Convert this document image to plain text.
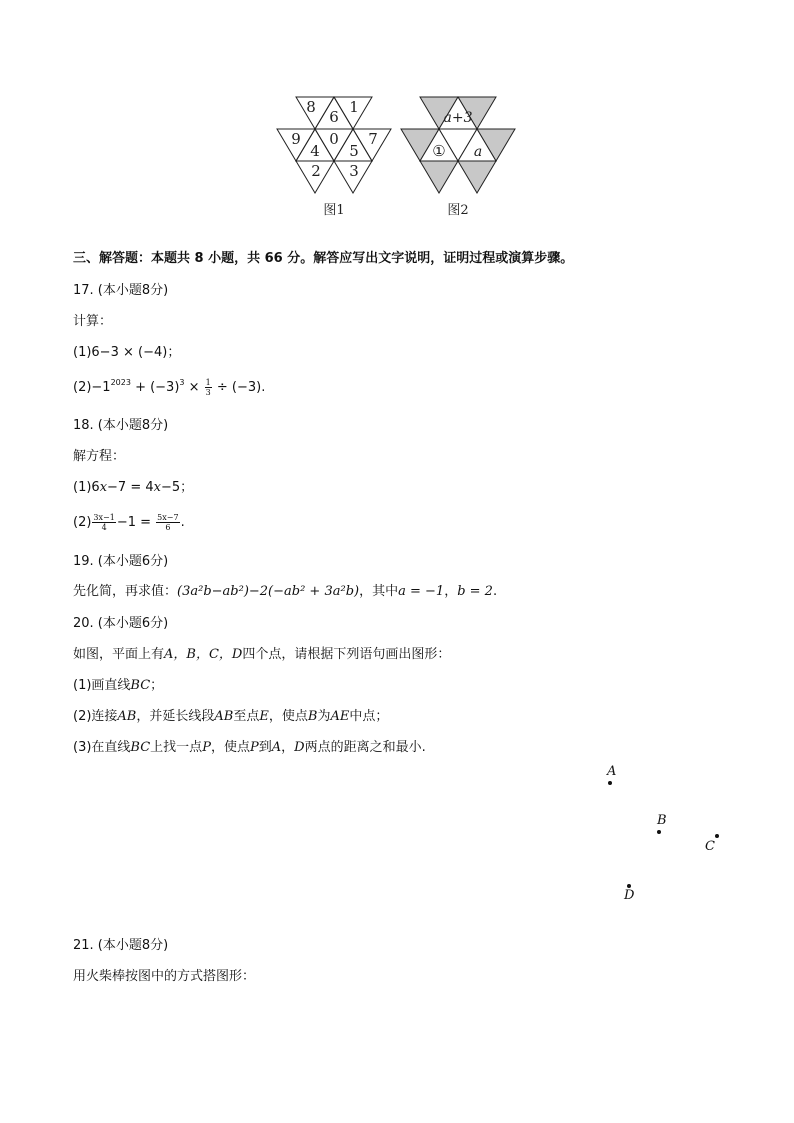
8 1
6
9 0 7
4 5
2 3
图1
a+3
① a
图2
三、解答题：本题共 8 小题，共 66 分。解答应写出文字说明，证明过程或演算步骤。
17. (本小题8分)
计算：
(1)6−3 × (−4)；
$(2)-1^{2023} + (-3)^3 \times \frac{1}{3} \div (-3)$.
18. (本小题8分)
解方程：
(1)6x−7 = 4x−5；
$(2) \frac{3x-1}{4} -1 = \frac{5x-7}{6}$ .
19. (本小题6分)
先化简，再求值：(3a²b−ab²)−2(−ab² + 3a²b)，其中a = −1，b = 2.
20. (本小题6分)
如图，平面上有A，B，C，D四个点，请根据下列语句画出图形：
(1)画直线BC；
(2)连接AB，并延长线段AB至点E，使点B为AE中点；
(3)在直线BC上找一点P，使点P到A，D两点的距离之和最小.
A
B
C
D
21. (本小题8分)
用火柴棒按图中的方式搭图形：
